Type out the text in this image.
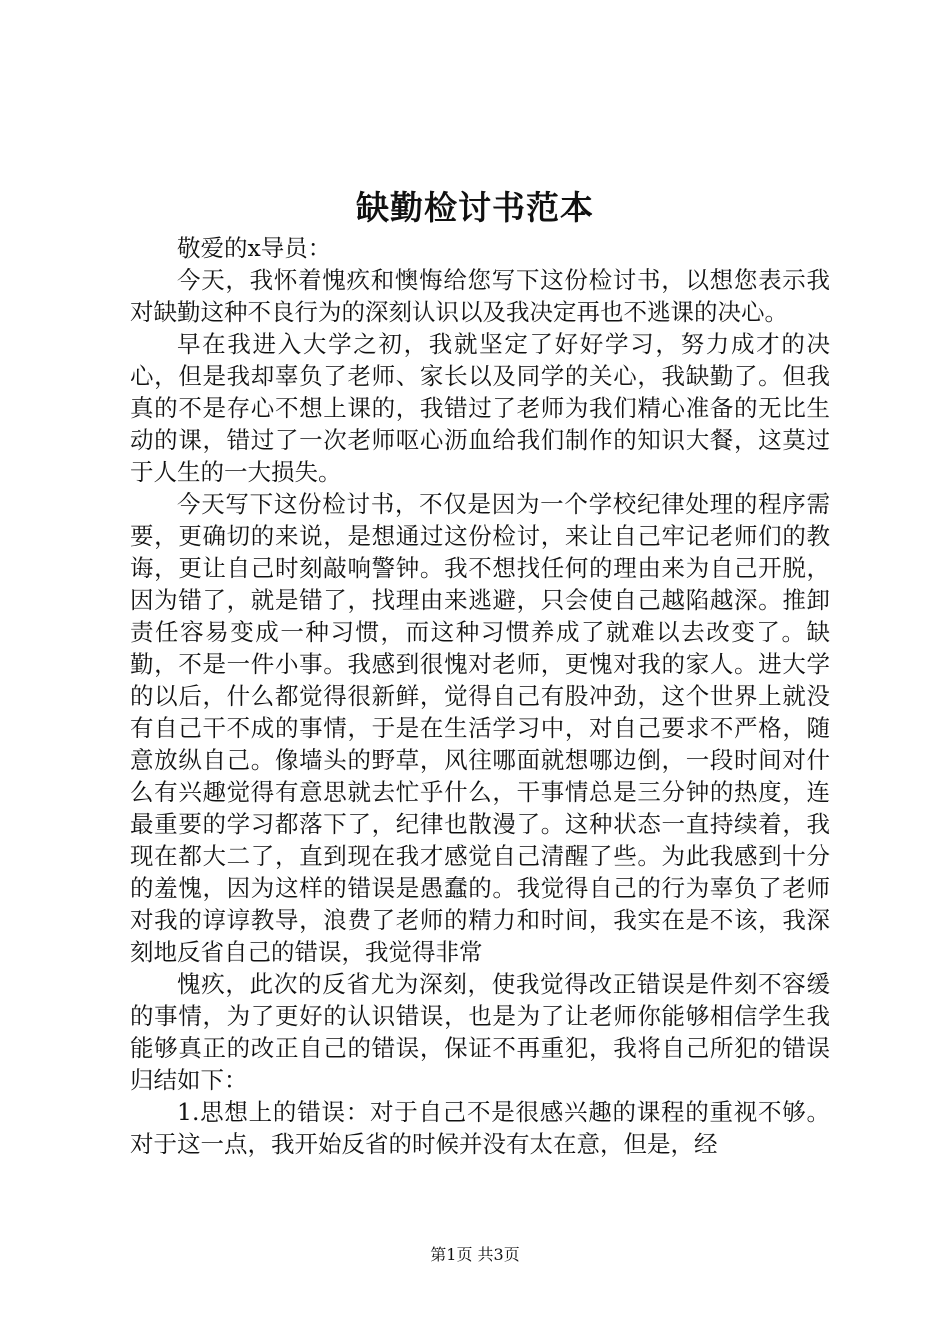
缺勤检讨书范本

敬爱的x导员：

今天，我怀着愧疚和懊悔给您写下这份检讨书，以想您表示我对缺勤这种不良行为的深刻认识以及我决定再也不逃课的决心。

早在我进入大学之初，我就坚定了好好学习，努力成才的决心，但是我却辜负了老师、家长以及同学的关心，我缺勤了。但我真的不是存心不想上课的，我错过了老师为我们精心准备的无比生动的课，错过了一次老师呕心沥血给我们制作的知识大餐，这莫过于人生的一大损失。

今天写下这份检讨书，不仅是因为一个学校纪律处理的程序需要，更确切的来说，是想通过这份检讨，来让自己牢记老师们的教诲，更让自己时刻敲响警钟。我不想找任何的理由来为自己开脱，因为错了，就是错了，找理由来逃避，只会使自己越陷越深。推卸责任容易变成一种习惯，而这种习惯养成了就难以去改变了。缺勤，不是一件小事。我感到很愧对老师，更愧对我的家人。进大学的以后，什么都觉得很新鲜，觉得自己有股冲劲，这个世界上就没有自己干不成的事情，于是在生活学习中，对自己要求不严格，随意放纵自己。像墙头的野草，风往哪面就想哪边倒，一段时间对什么有兴趣觉得有意思就去忙乎什么，干事情总是三分钟的热度，连最重要的学习都落下了，纪律也散漫了。这种状态一直持续着，我现在都大二了，直到现在我才感觉自己清醒了些。为此我感到十分的羞愧，因为这样的错误是愚蠢的。我觉得自己的行为辜负了老师对我的谆谆教导，浪费了老师的精力和时间，我实在是不该，我深刻地反省自己的错误，我觉得非常

愧疚，此次的反省尤为深刻，使我觉得改正错误是件刻不容缓的事情，为了更好的认识错误，也是为了让老师你能够相信学生我能够真正的改正自己的错误，保证不再重犯，我将自己所犯的错误归结如下：

1.思想上的错误：对于自己不是很感兴趣的课程的重视不够。对于这一点，我开始反省的时候并没有太在意，但是，经

第1页 共3页
